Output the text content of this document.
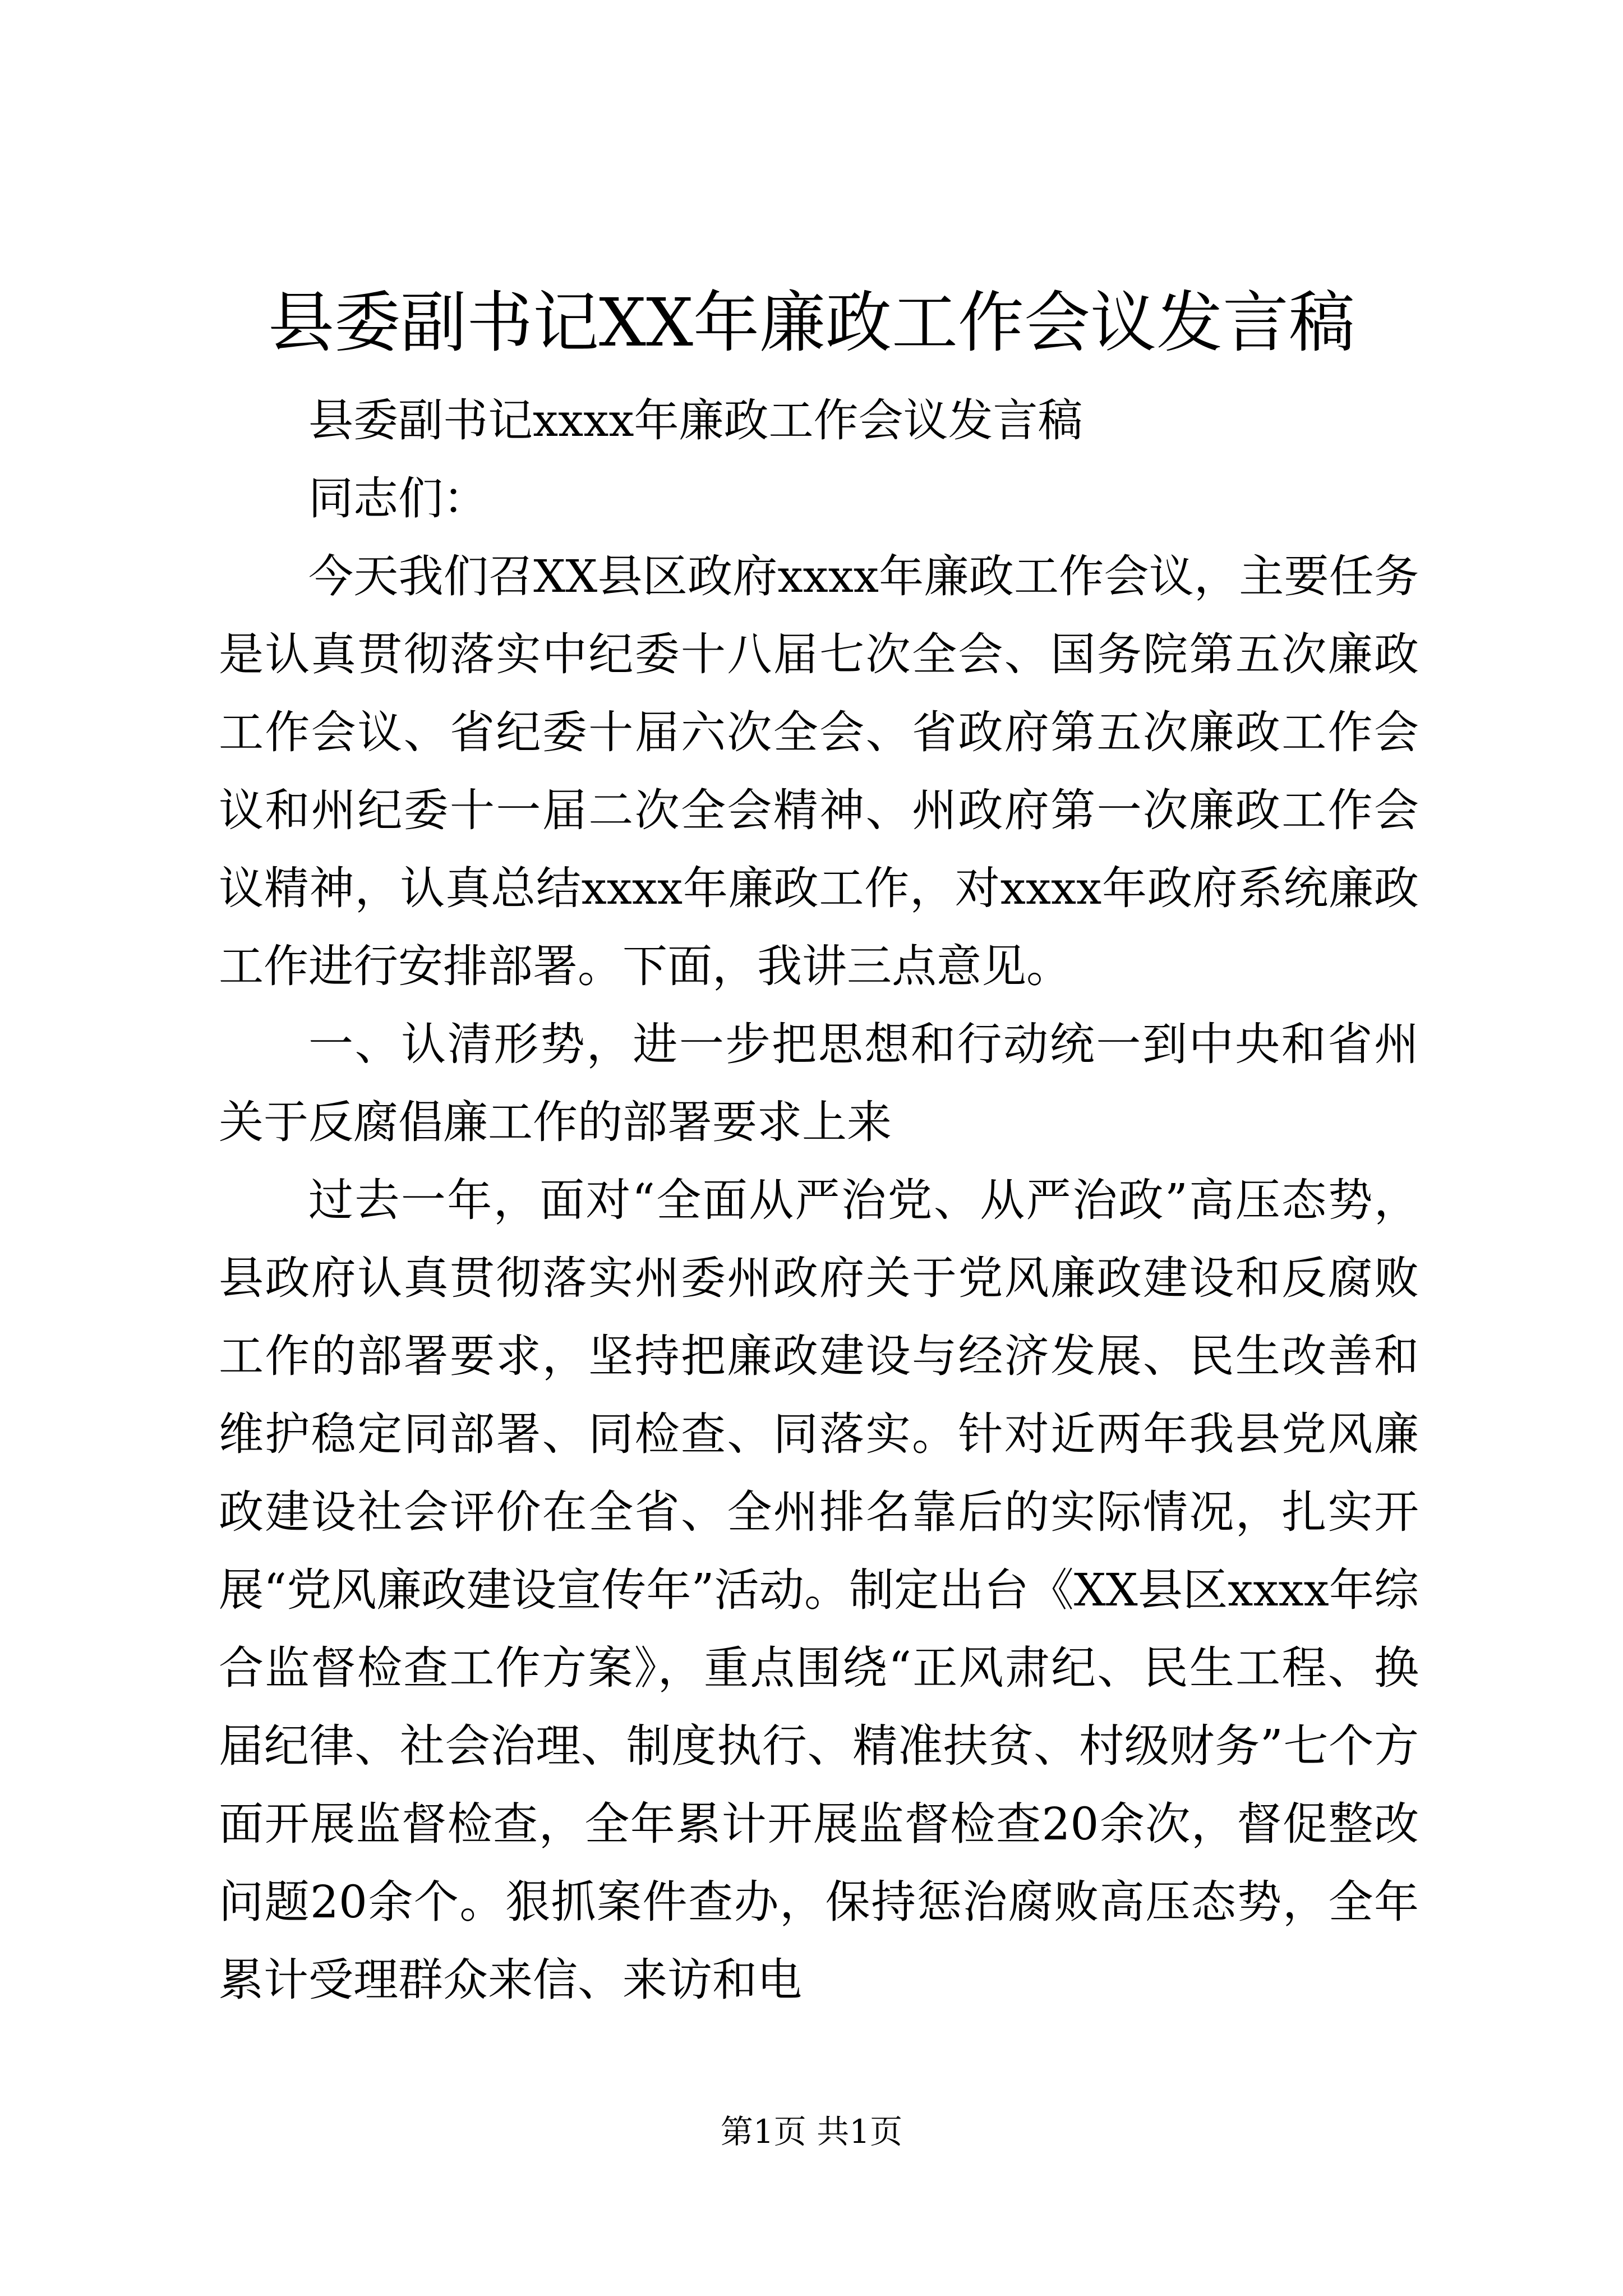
县委副书记XX年廉政工作会议发言稿

县委副书记xxxx年廉政工作会议发言稿

同志们：

今天我们召XX县区政府xxxx年廉政工作会议，主要任务是认真贯彻落实中纪委十八届七次全会、国务院第五次廉政工作会议、省纪委十届六次全会、省政府第五次廉政工作会议和州纪委十一届二次全会精神、州政府第一次廉政工作会议精神，认真总结xxxx年廉政工作，对xxxx年政府系统廉政工作进行安排部署。下面，我讲三点意见。

一、认清形势，进一步把思想和行动统一到中央和省州关于反腐倡廉工作的部署要求上来

过去一年，面对“全面从严治党、从严治政”高压态势，县政府认真贯彻落实州委州政府关于党风廉政建设和反腐败工作的部署要求，坚持把廉政建设与经济发展、民生改善和维护稳定同部署、同检查、同落实。针对近两年我县党风廉政建设社会评价在全省、全州排名靠后的实际情况，扎实开展“党风廉政建设宣传年”活动。制定出台《XX县区xxxx年综合监督检查工作方案》，重点围绕“正风肃纪、民生工程、换届纪律、社会治理、制度执行、精准扶贫、村级财务”七个方面开展监督检查，全年累计开展监督检查20余次，督促整改问题20余个。狠抓案件查办，保持惩治腐败高压态势，全年累计受理群众来信、来访和电

第1页 共1页
